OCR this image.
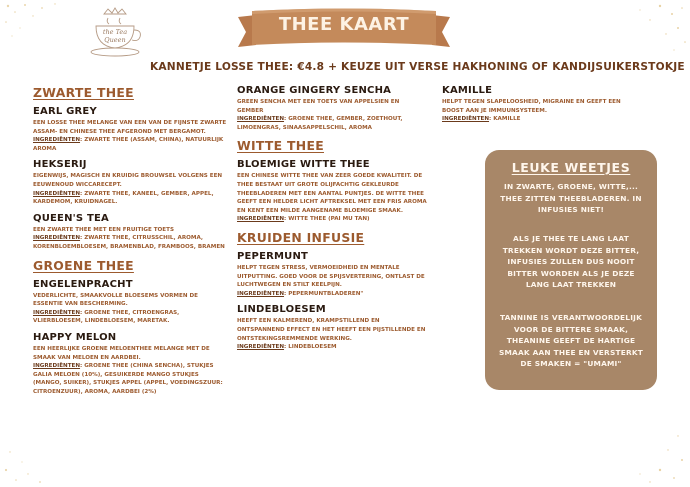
the Tea
Queen
THEE KAART
KANNETJE LOSSE THEE: €4.8 + KEUZE UIT VERSE HAKHONING OF KANDIJSUIKERSTOKJE
ZWARTE THEE
EARL GREY

EEN LOSSE THEE MELANGE VAN EEN VAN DE FIJNSTE ZWARTE ASSAM- EN CHINESE THEE AFGEROND MET BERGAMOT.

INGREDIËNTEN: ZWARTE THEE (ASSAM, CHINA), NATUURLIJK AROMA

HEKSERIJ

EIGENWIJS, MAGISCH EN KRUIDIG BROUWSEL VOLGENS EEN EEUWENOUD WICCARECEPT.

INGREDIËNTEN: ZWARTE THEE, KANEEL, GEMBER, APPEL, KARDEMOM, KRUIDNAGEL.

QUEEN'S TEA

EEN ZWARTE THEE MET EEN FRUITIGE TOETS

INGREDIËNTEN: ZWARTE THEE, CITRUSSCHIL, AROMA, KORENBLOEMBLOESEM, BRAMENBLAD, FRAMBOOS, BRAMEN

GROENE THEE
ENGELENPRACHT

VEDERLICHTE, SMAAKVOLLE BLOESEMS VORMEN DE ESSENTIE VAN BESCHERMING.

INGREDIËNTEN: GROENE THEE, CITROENGRAS, VLIERBLOESEM, LINDEBLOESEM, MARETAK.

HAPPY MELON

EEN HEERLIJKE GROENE MELOENTHEE MELANGE MET DE SMAAK VAN MELOEN EN AARDBEI.

INGREDIËNTEN: GROENE THEE (CHINA SENCHA), STUKJES GALIA MELOEN (10%), GESUIKERDE MANGO STUKJES (MANGO, SUIKER), STUKJES APPEL (APPEL, VOEDINGSZUUR: CITROENZUUR), AROMA, AARDBEI (2%)

ORANGE GINGERY SENCHA

GREEN SENCHA MET EEN TOETS VAN APPELSIEN EN GEMBER

INGREDIËNTEN: GROENE THEE, GEMBER, ZOETHOUT, LIMOENGRAS, SINAASAPPELSCHIL, AROMA

WITTE THEE
BLOEMIGE WITTE THEE

EEN CHINESE WITTE THEE VAN ZEER GOEDE KWALITEIT. DE THEE BESTAAT UIT GROTE OLIJFACHTIG GEKLEURDE THEEBLADEREN MET EEN AANTAL PUNTJES. DE WITTE THEE GEEFT EEN HELDER LICHT AFTREKSEL MET EEN FRIS AROMA EN KENT EEN MILDE AANGENAME BLOEMIGE SMAAK.

INGREDIËNTEN: WITTE THEE (PAI MU TAN)

KRUIDEN INFUSIE
PEPERMUNT

HELPT TEGEN STRESS, VERMOEIDHEID EN MENTALE UITPUTTING. GOED VOOR DE SPIJSVERTERING, ONTLAST DE LUCHTWEGEN EN STILT KEELPIJN.

INGREDIËNTEN: PEPERMUNTBLADEREN"

LINDEBLOESEM

HEEFT EEN KALMEREND, KRAMPSTILLEND EN ONTSPANNEND EFFECT EN HET HEEFT EEN PIJSTILLENDE EN ONTSTEKINGSREMMENDE WERKING.

INGREDIËNTEN: LINDEBLOESEM

KAMILLE

HELPT TEGEN SLAPELOOSHEID, MIGRAINE EN GEEFT EEN BOOST AAN JE IMMUUNSYSTEEM.

INGREDIËNTEN: KAMILLE

LEUKE WEETJES

IN ZWARTE, GROENE, WITTE,... THEE ZITTEN THEEBLADEREN. IN INFUSIES NIET!

ALS JE THEE TE LANG LAAT TREKKEN WORDT DEZE BITTER, INFUSIES ZULLEN DUS NOOIT BITTER WORDEN ALS JE DEZE LANG LAAT TREKKEN

TANNINE IS VERANTWOORDELIJK VOOR DE BITTERE SMAAK, THEANINE GEEFT DE HARTIGE SMAAK AAN THEE EN VERSTERKT DE SMAKEN = "UMAMI"
